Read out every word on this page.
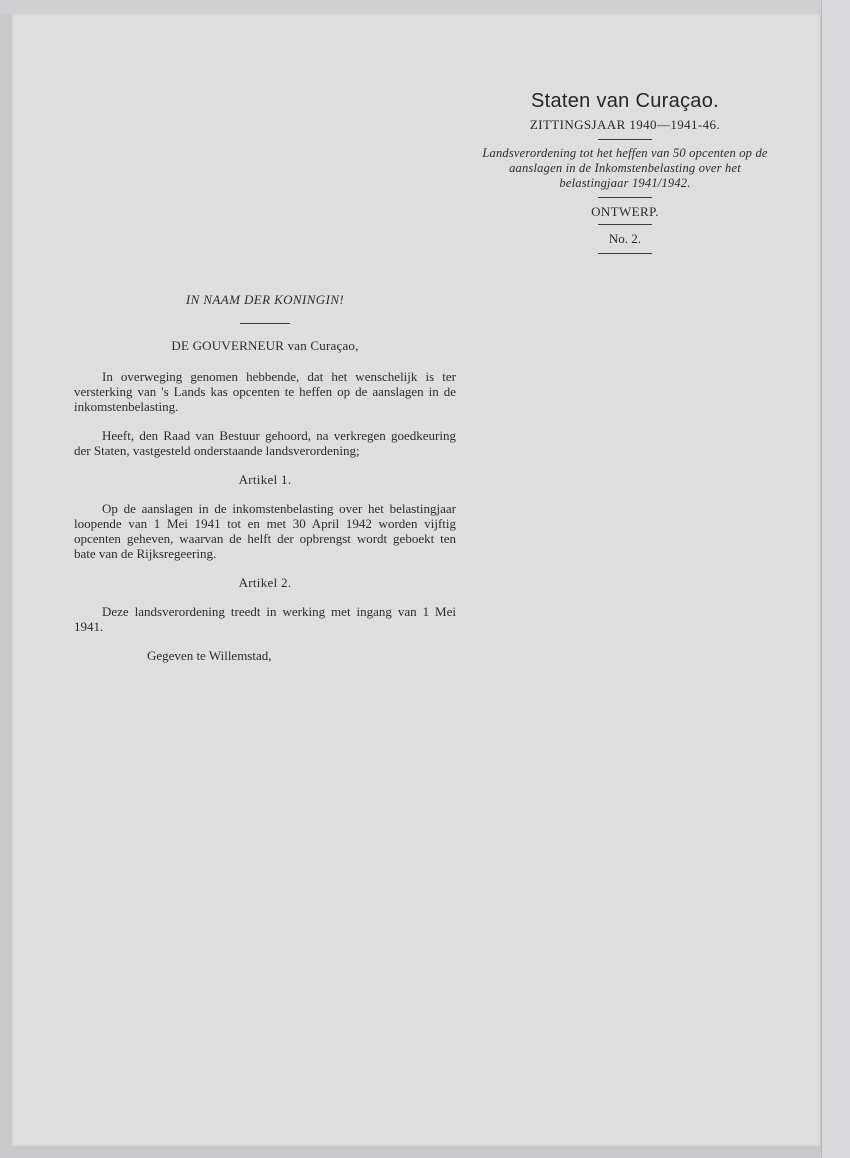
Staten van Curaçao.
ZITTINGSJAAR 1940—1941-46.
Landsverordening tot het heffen van 50 opcenten op de aanslagen in de Inkomstenbelasting over het belastingjaar 1941/1942.
ONTWERP.
No. 2.

IN NAAM DER KONINGIN!

DE GOUVERNEUR van Curaçao,

In overweging genomen hebbende, dat het wenschelijk is ter versterking van 's Lands kas opcenten te heffen op de aanslagen in de inkomstenbelasting.

Heeft, den Raad van Bestuur gehoord, na verkregen goedkeuring der Staten, vastgesteld onderstaande landsverordening;

Artikel 1.

Op de aanslagen in de inkomstenbelasting over het belastingjaar loopende van 1 Mei 1941 tot en met 30 April 1942 worden vijftig opcenten geheven, waarvan de helft der opbrengst wordt geboekt ten bate van de Rijksregeering.

Artikel 2.

Deze landsverordening treedt in werking met ingang van 1 Mei 1941.

Gegeven te Willemstad,
